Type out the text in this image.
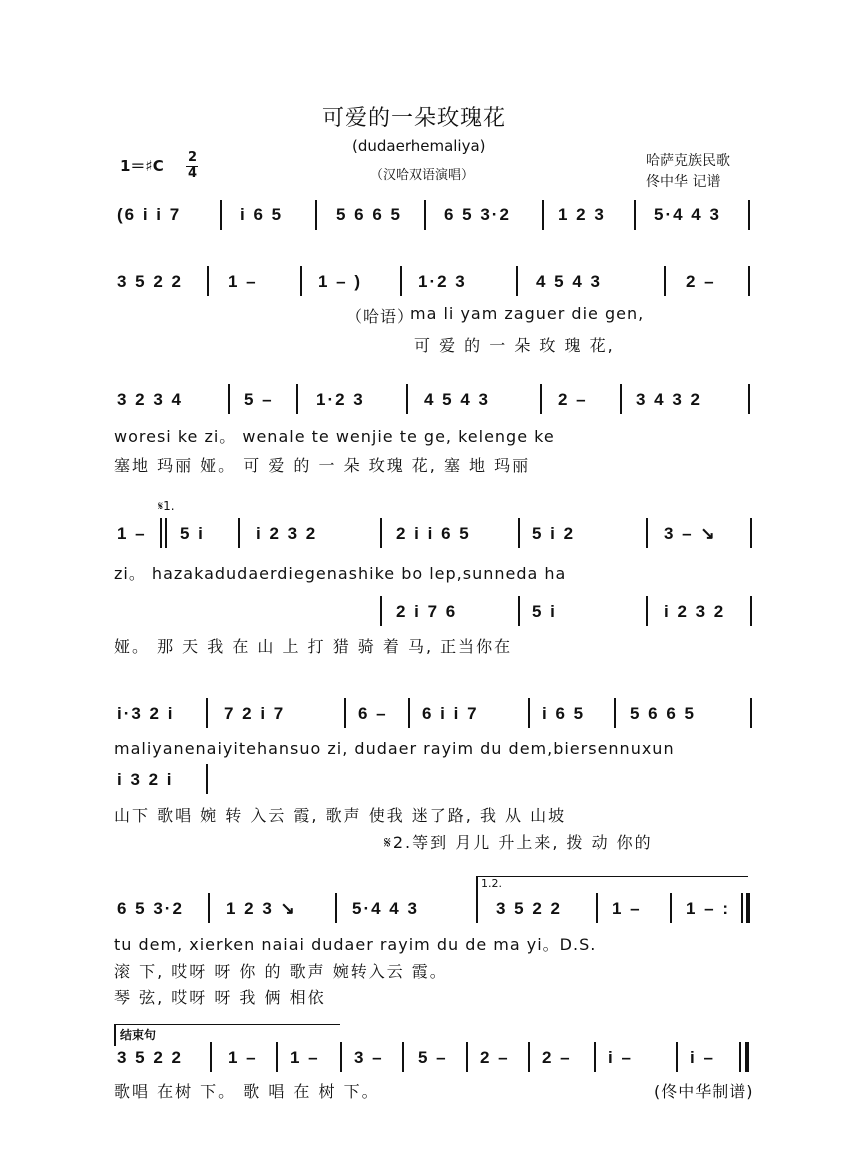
可爱的一朵玫瑰花
(dudaerhemaliya)
（汉哈双语演唱）
1＝♯C 2
4
哈萨克族民歌
佟中华 记谱
(6 i i 7	i 6 5	5 6 6 5 6 5 3·2	1 2 3	5·4 4 3
3 5 2 2	1 –	1 – )	1·2 3	4 5 4 3	2 –
（哈语）
ma li yam zaguer die gen,
可 爱 的 一 朵 玫 瑰 花,
3 2 3 4	5 – 1·2 3	4 5 4 3	2 –	3 4 3 2
woresi ke zi。 wenale te wenjie te ge, kelenge ke
塞地 玛丽 娅。 可 爱 的 一 朵 玫瑰 花, 塞 地 玛丽
𝄋1.
1 – 5 i	i 2 3 2	2 i i 6 5	5 i 2	3 – ↘
zi。 hazakadudaerdiegenashike bo lep,sunneda ha
2 i 7 6	5 i	i 2 3 2
娅。 那 天 我 在 山 上 打 猎 骑 着 马, 正当你在
i·3 2 i	7 2 i 7	6 – 6 i i 7	i 6 5	5 6 6 5
maliyanenaiyitehansuo zi, dudaer rayim du dem,biersennuxun
i 3 2 i
山下 歌唱 婉 转 入云 霞, 歌声 使我 迷了路, 我 从 山坡
𝄋2.等到 月儿 升上来, 拨 动 你的
6 5 3·2 1 2 3 ↘	5·4 4 3
1.2.
3 5 2 2	1 –	1 – :
tu dem, xierken naiai dudaer rayim du de ma yi。D.S.
滚 下, 哎呀 呀 你 的 歌声 婉转入云 霞。
琴 弦, 哎呀 呀 我 俩 相依
结束句
3 5 2 2	1 – 1 – 3 – 5 – 2 – 2 – i –	i –
歌唱 在树 下。 歌 唱 在 树 下。	(佟中华制谱)
